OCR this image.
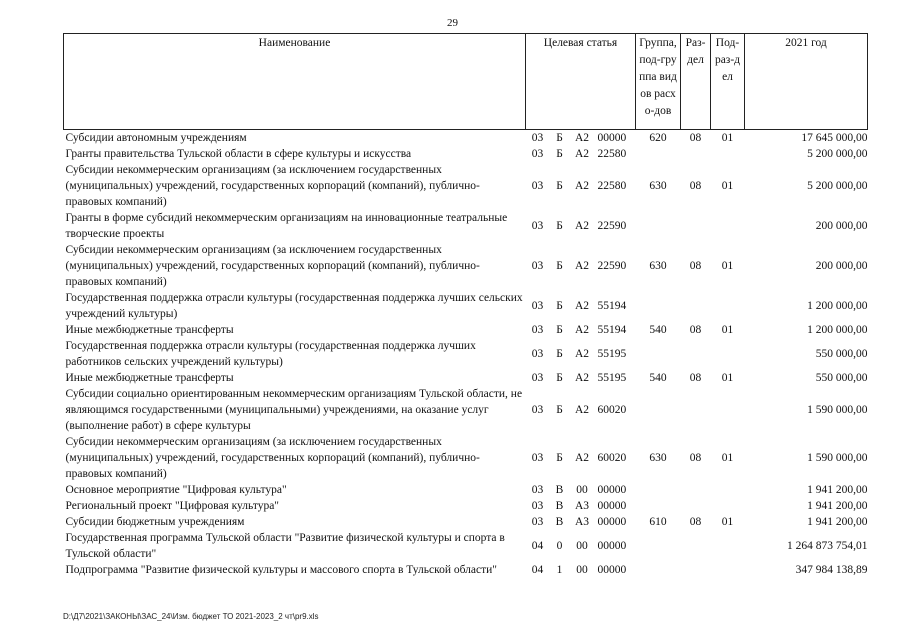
29
Наименование	Целевая статья				Группа, под-группа видов расхо-дов	Раз-дел	Под-раз-дел	2021 год
Субсидии автономным учреждениям	03	Б	А2	00000	620	08	01	17 645 000,00
Гранты правительства Тульской области в сфере культуры и искусства	03	Б	А2	22580				5 200 000,00
Субсидии некоммерческим организациям (за исключением государственных (муниципальных) учреждений, государственных корпораций (компаний), публично-правовых компаний)	03	Б	А2	22580	630	08	01	5 200 000,00
Гранты в форме субсидий некоммерческим организациям на инновационные театральные творческие проекты	03	Б	А2	22590				200 000,00
Субсидии некоммерческим организациям (за исключением государственных (муниципальных) учреждений, государственных корпораций (компаний), публично-правовых компаний)	03	Б	А2	22590	630	08	01	200 000,00
Государственная поддержка отрасли культуры (государственная поддержка лучших сельских учреждений культуры)	03	Б	А2	55194				1 200 000,00
Иные межбюджетные трансферты	03	Б	А2	55194	540	08	01	1 200 000,00
Государственная поддержка отрасли культуры (государственная поддержка лучших работников сельских учреждений культуры)	03	Б	А2	55195				550 000,00
Иные межбюджетные трансферты	03	Б	А2	55195	540	08	01	550 000,00
Субсидии социально ориентированным некоммерческим организациям Тульской области, не являющимся государственными (муниципальными) учреждениями, на оказание услуг (выполнение работ) в сфере культуры	03	Б	А2	60020				1 590 000,00
Субсидии некоммерческим организациям (за исключением государственных (муниципальных) учреждений, государственных корпораций (компаний), публично-правовых компаний)	03	Б	А2	60020	630	08	01	1 590 000,00
Основное мероприятие "Цифровая культура"	03	В	00	00000				1 941 200,00
Региональный проект "Цифровая культура"	03	В	А3	00000				1 941 200,00
Субсидии бюджетным учреждениям	03	В	А3	00000	610	08	01	1 941 200,00
Государственная программа Тульской области "Развитие физической культуры и спорта в Тульской области"	04	0	00	00000				1 264 873 754,01
Подпрограмма "Развитие физической культуры и массового спорта в Тульской области"	04	1	00	00000				347 984 138,89
D:\Д7\2021\ЗАКОНЫ\ЗАС_24\Изм. бюджет ТО 2021-2023_2 чт\pr9.xls
